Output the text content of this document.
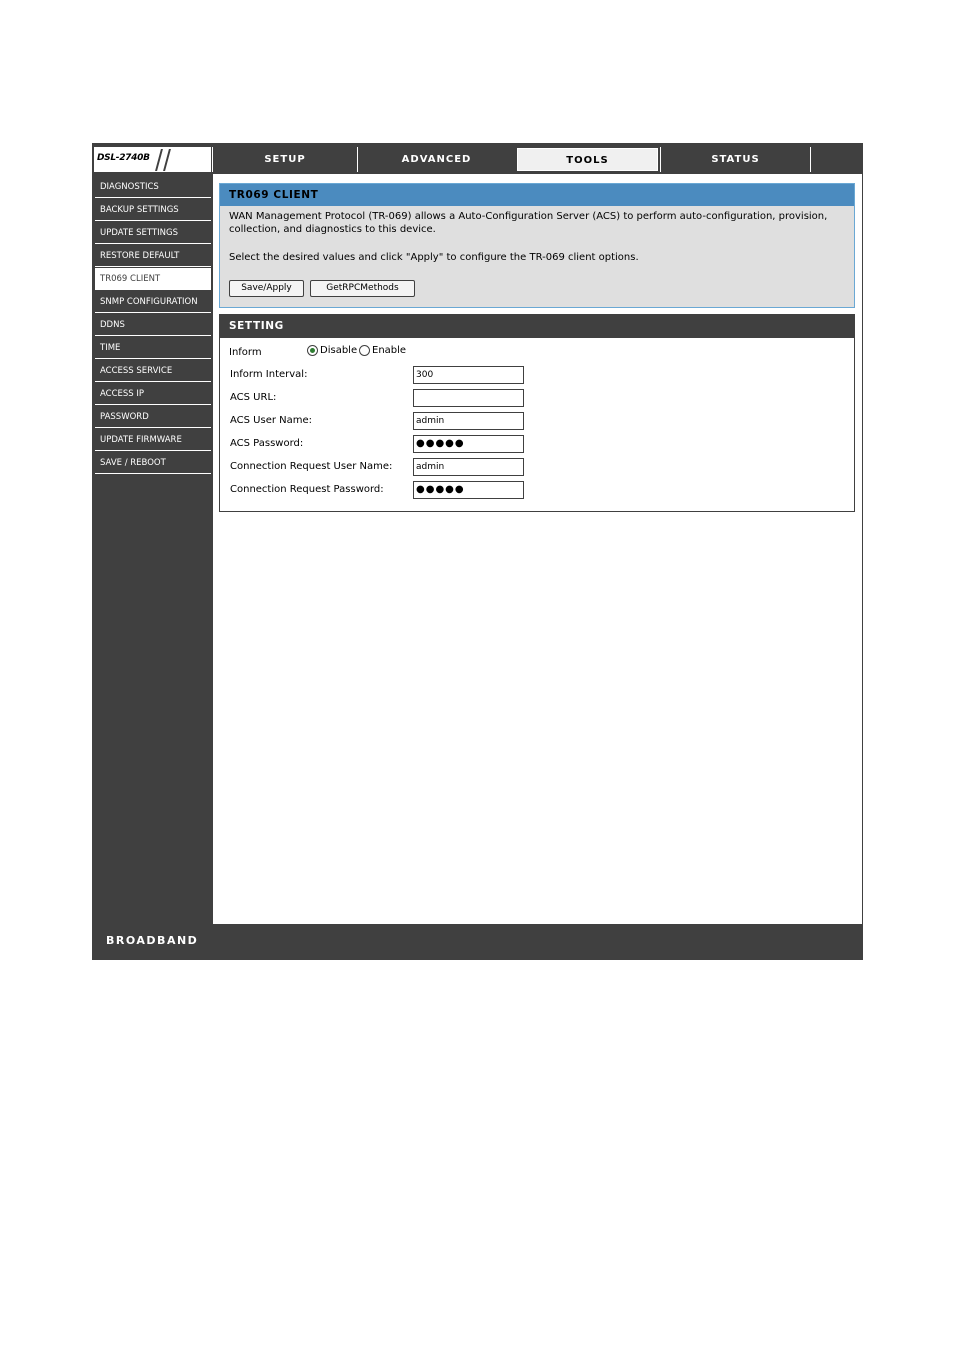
DSL-2740B	SETUP	ADVANCED	TOOLS	STATUS
DIAGNOSTICS
BACKUP SETTINGS
UPDATE SETTINGS
RESTORE DEFAULT
TR069 CLIENT
SNMP CONFIGURATION
DDNS
TIME
ACCESS SERVICE
ACCESS IP
PASSWORD
UPDATE FIRMWARE
SAVE / REBOOT
TR069 CLIENT
WAN Management Protocol (TR-069) allows a Auto-Configuration Server (ACS) to perform auto-configuration, provision, collection, and diagnostics to this device.
Select the desired values and click "Apply" to configure the TR-069 client options.
Save/Apply	GetRPCMethods
SETTING
Inform	Disable Enable
Inform Interval:	300
ACS URL:
ACS User Name:	admin
ACS Password:	●●●●●
Connection Request User Name:	admin
Connection Request Password:	●●●●●
BROADBAND
